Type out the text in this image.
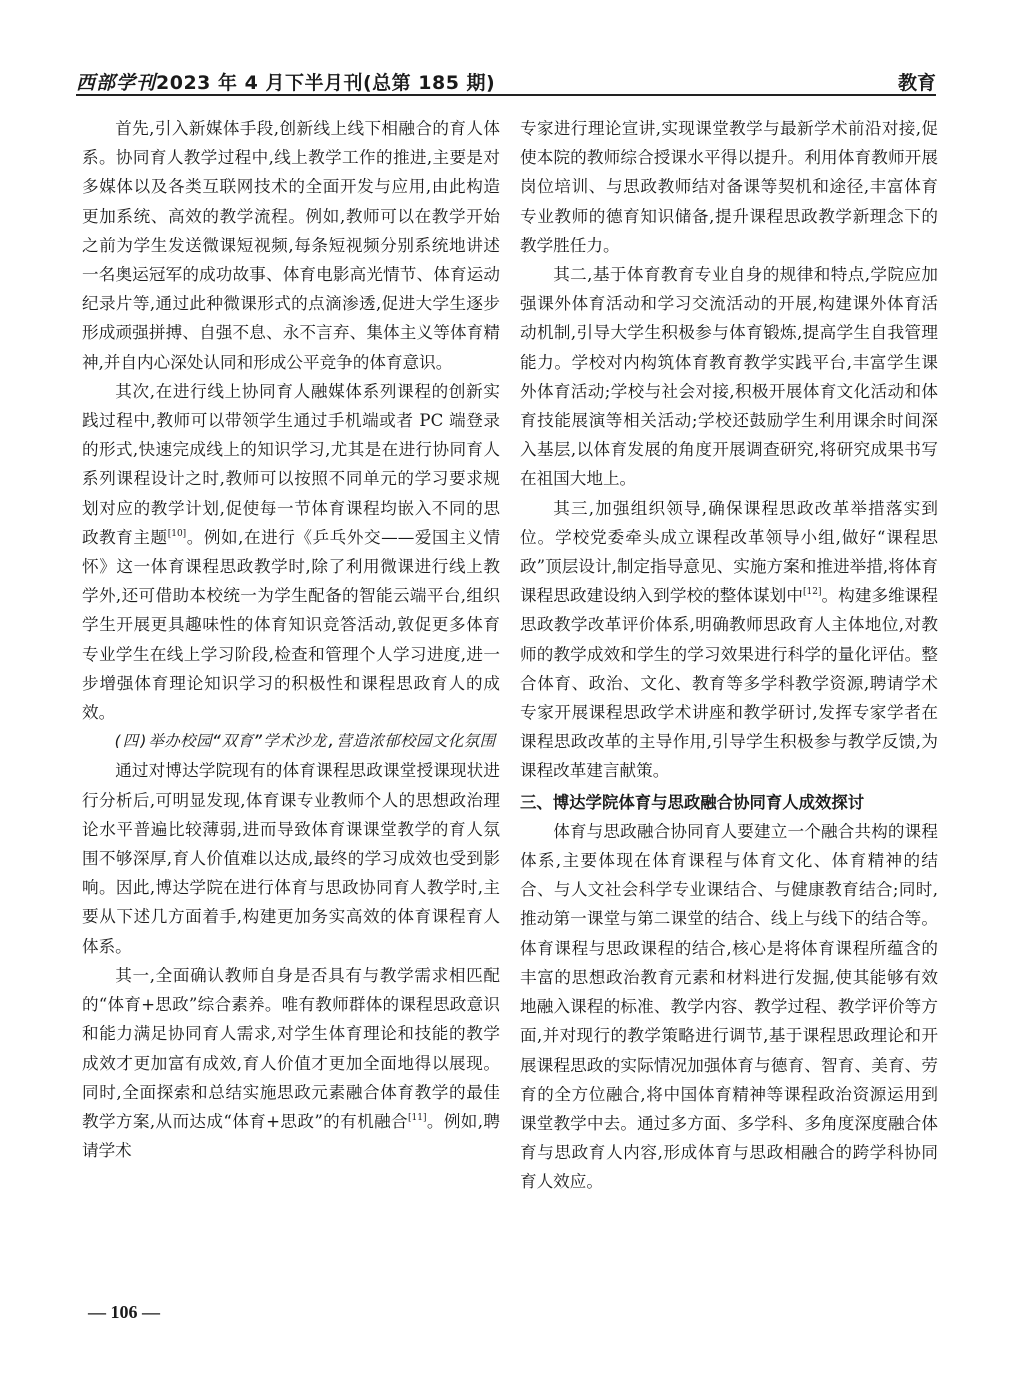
西部学刊2023 年 4 月下半月刊(总第 185 期)	教育

首先,引入新媒体手段,创新线上线下相融合的育人体系。协同育人教学过程中,线上教学工作的推进,主要是对多媒体以及各类互联网技术的全面开发与应用,由此构造更加系统、高效的教学流程。例如,教师可以在教学开始之前为学生发送微课短视频,每条短视频分别系统地讲述一名奥运冠军的成功故事、体育电影高光情节、体育运动纪录片等,通过此种微课形式的点滴渗透,促进大学生逐步形成顽强拼搏、自强不息、永不言弃、集体主义等体育精神,并自内心深处认同和形成公平竞争的体育意识。

其次,在进行线上协同育人融媒体系列课程的创新实践过程中,教师可以带领学生通过手机端或者 PC 端登录的形式,快速完成线上的知识学习,尤其是在进行协同育人系列课程设计之时,教师可以按照不同单元的学习要求规划对应的教学计划,促使每一节体育课程均嵌入不同的思政教育主题[10]。例如,在进行《乒乓外交——爱国主义情怀》这一体育课程思政教学时,除了利用微课进行线上教学外,还可借助本校统一为学生配备的智能云端平台,组织学生开展更具趣味性的体育知识竞答活动,敦促更多体育专业学生在线上学习阶段,检查和管理个人学习进度,进一步增强体育理论知识学习的积极性和课程思政育人的成效。

(四)举办校园“双育”学术沙龙,营造浓郁校园文化氛围

通过对博达学院现有的体育课程思政课堂授课现状进行分析后,可明显发现,体育课专业教师个人的思想政治理论水平普遍比较薄弱,进而导致体育课课堂教学的育人氛围不够深厚,育人价值难以达成,最终的学习成效也受到影响。因此,博达学院在进行体育与思政协同育人教学时,主要从下述几方面着手,构建更加务实高效的体育课程育人体系。

其一,全面确认教师自身是否具有与教学需求相匹配的“体育+思政”综合素养。唯有教师群体的课程思政意识和能力满足协同育人需求,对学生体育理论和技能的教学成效才更加富有成效,育人价值才更加全面地得以展现。同时,全面探索和总结实施思政元素融合体育教学的最佳教学方案,从而达成“体育+思政”的有机融合[11]。例如,聘请学术

专家进行理论宣讲,实现课堂教学与最新学术前沿对接,促使本院的教师综合授课水平得以提升。利用体育教师开展岗位培训、与思政教师结对备课等契机和途径,丰富体育专业教师的德育知识储备,提升课程思政教学新理念下的教学胜任力。

其二,基于体育教育专业自身的规律和特点,学院应加强课外体育活动和学习交流活动的开展,构建课外体育活动机制,引导大学生积极参与体育锻炼,提高学生自我管理能力。学校对内构筑体育教育教学实践平台,丰富学生课外体育活动;学校与社会对接,积极开展体育文化活动和体育技能展演等相关活动;学校还鼓励学生利用课余时间深入基层,以体育发展的角度开展调查研究,将研究成果书写在祖国大地上。

其三,加强组织领导,确保课程思政改革举措落实到位。学校党委牵头成立课程改革领导小组,做好“课程思政”顶层设计,制定指导意见、实施方案和推进举措,将体育课程思政建设纳入到学校的整体谋划中[12]。构建多维课程思政教学改革评价体系,明确教师思政育人主体地位,对教师的教学成效和学生的学习效果进行科学的量化评估。整合体育、政治、文化、教育等多学科教学资源,聘请学术专家开展课程思政学术讲座和教学研讨,发挥专家学者在课程思政改革的主导作用,引导学生积极参与教学反馈,为课程改革建言献策。

三、博达学院体育与思政融合协同育人成效探讨

体育与思政融合协同育人要建立一个融合共构的课程体系,主要体现在体育课程与体育文化、体育精神的结合、与人文社会科学专业课结合、与健康教育结合;同时,推动第一课堂与第二课堂的结合、线上与线下的结合等。体育课程与思政课程的结合,核心是将体育课程所蕴含的丰富的思想政治教育元素和材料进行发掘,使其能够有效地融入课程的标准、教学内容、教学过程、教学评价等方面,并对现行的教学策略进行调节,基于课程思政理论和开展课程思政的实际情况加强体育与德育、智育、美育、劳育的全方位融合,将中国体育精神等课程政治资源运用到课堂教学中去。通过多方面、多学科、多角度深度融合体育与思政育人内容,形成体育与思政相融合的跨学科协同育人效应。

— 106 —
